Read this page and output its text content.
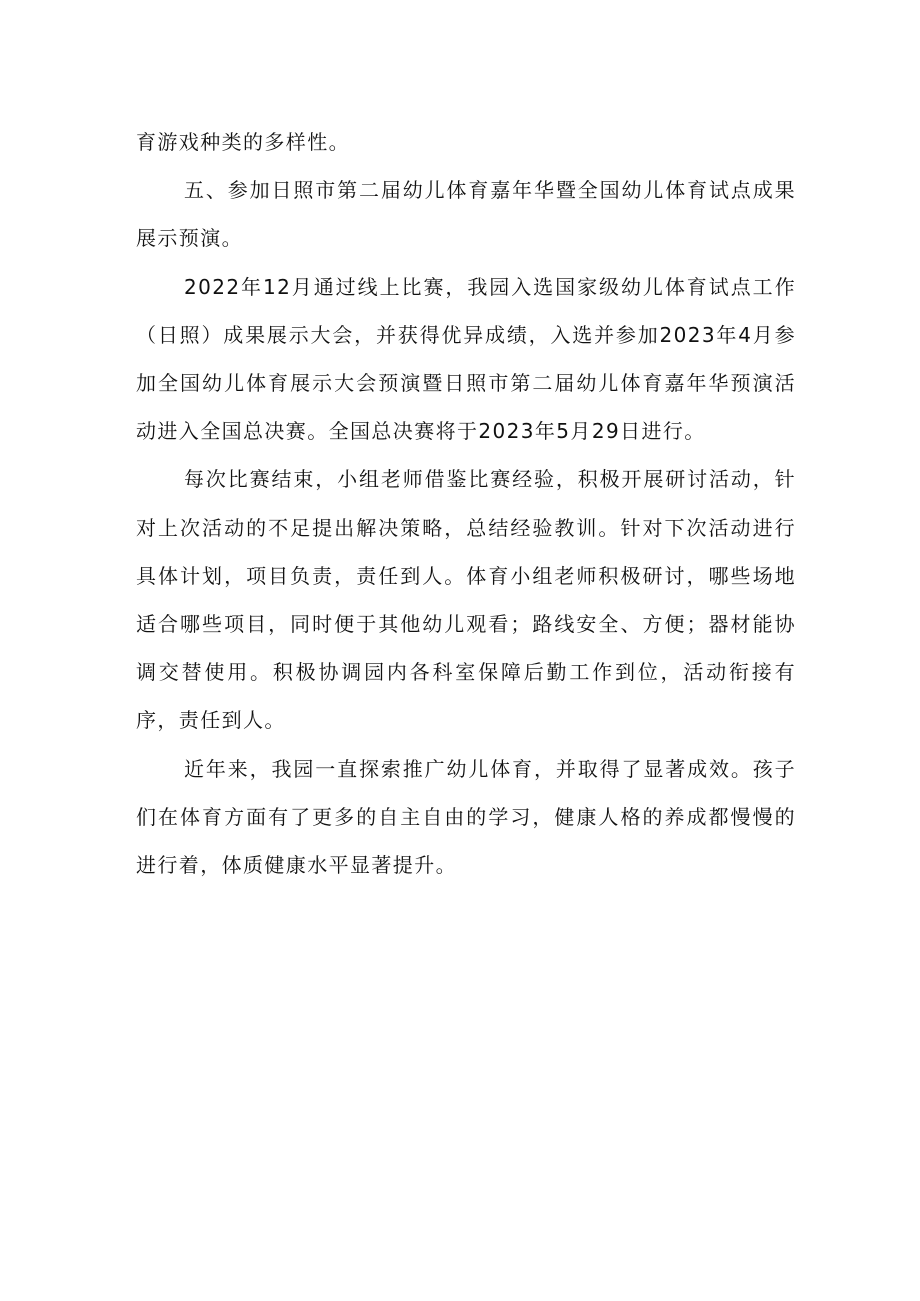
育游戏种类的多样性。

五、参加日照市第二届幼儿体育嘉年华暨全国幼儿体育试点成果展示预演。

2022年12月通过线上比赛，我园入选国家级幼儿体育试点工作（日照）成果展示大会，并获得优异成绩，入选并参加2023年4月参加全国幼儿体育展示大会预演暨日照市第二届幼儿体育嘉年华预演活动进入全国总决赛。全国总决赛将于2023年5月29日进行。

每次比赛结束，小组老师借鉴比赛经验，积极开展研讨活动，针对上次活动的不足提出解决策略，总结经验教训。针对下次活动进行具体计划，项目负责，责任到人。体育小组老师积极研讨，哪些场地适合哪些项目，同时便于其他幼儿观看；路线安全、方便；器材能协调交替使用。积极协调园内各科室保障后勤工作到位，活动衔接有序，责任到人。

近年来，我园一直探索推广幼儿体育，并取得了显著成效。孩子们在体育方面有了更多的自主自由的学习，健康人格的养成都慢慢的进行着，体质健康水平显著提升。
